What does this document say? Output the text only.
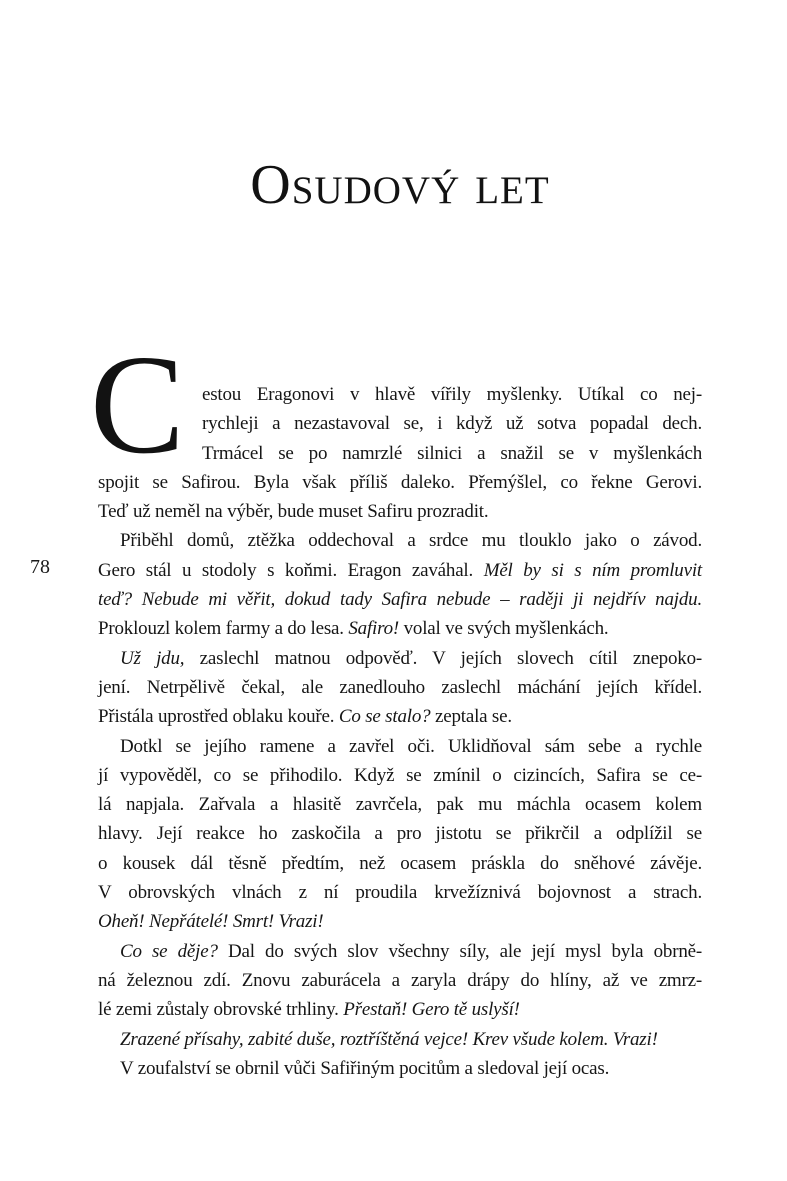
Osudový let
78
C estou Eragonovi v hlavě vířily myšlenky. Utíkal co nej-
rychleji a nezastavoval se, i když už sotva popadal dech.
Trmácel se po namrzlé silnici a snažil se v myšlenkách
spojit se Safirou. Byla však příliš daleko. Přemýšlel, co řekne Gerovi.
Teď už neměl na výběr, bude muset Safiru prozradit.
Přiběhl domů, ztěžka oddechoval a srdce mu tlouklo jako o závod.
Gero stál u stodoly s koňmi. Eragon zaváhal. Měl by si s ním promluvit
teď? Nebude mi věřit, dokud tady Safira nebude – raději ji nejdřív najdu.
Proklouzl kolem farmy a do lesa. Safiro! volal ve svých myšlenkách.
Už jdu, zaslechl matnou odpověď. V jejích slovech cítil znepoko-
jení. Netrpělivě čekal, ale zanedlouho zaslechl máchání jejích křídel.
Přistála uprostřed oblaku kouře. Co se stalo? zeptala se.
Dotkl se jejího ramene a zavřel oči. Uklidňoval sám sebe a rychle
jí vypověděl, co se přihodilo. Když se zmínil o cizincích, Safira se ce-
lá napjala. Zařvala a hlasitě zavrčela, pak mu máchla ocasem kolem
hlavy. Její reakce ho zaskočila a pro jistotu se přikrčil a odplížil se
o kousek dál těsně předtím, než ocasem práskla do sněhové závěje.
V obrovských vlnách z ní proudila krvežíznivá bojovnost a strach.
Oheň! Nepřátelé! Smrt! Vrazi!
Co se děje? Dal do svých slov všechny síly, ale její mysl byla obrně-
ná železnou zdí. Znovu zaburácela a zaryla drápy do hlíny, až ve zmrz-
lé zemi zůstaly obrovské trhliny. Přestaň! Gero tě uslyší!
Zrazené přísahy, zabité duše, roztříštěná vejce! Krev všude kolem. Vrazi!
V zoufalství se obrnil vůči Safiřiným pocitům a sledoval její ocas.
